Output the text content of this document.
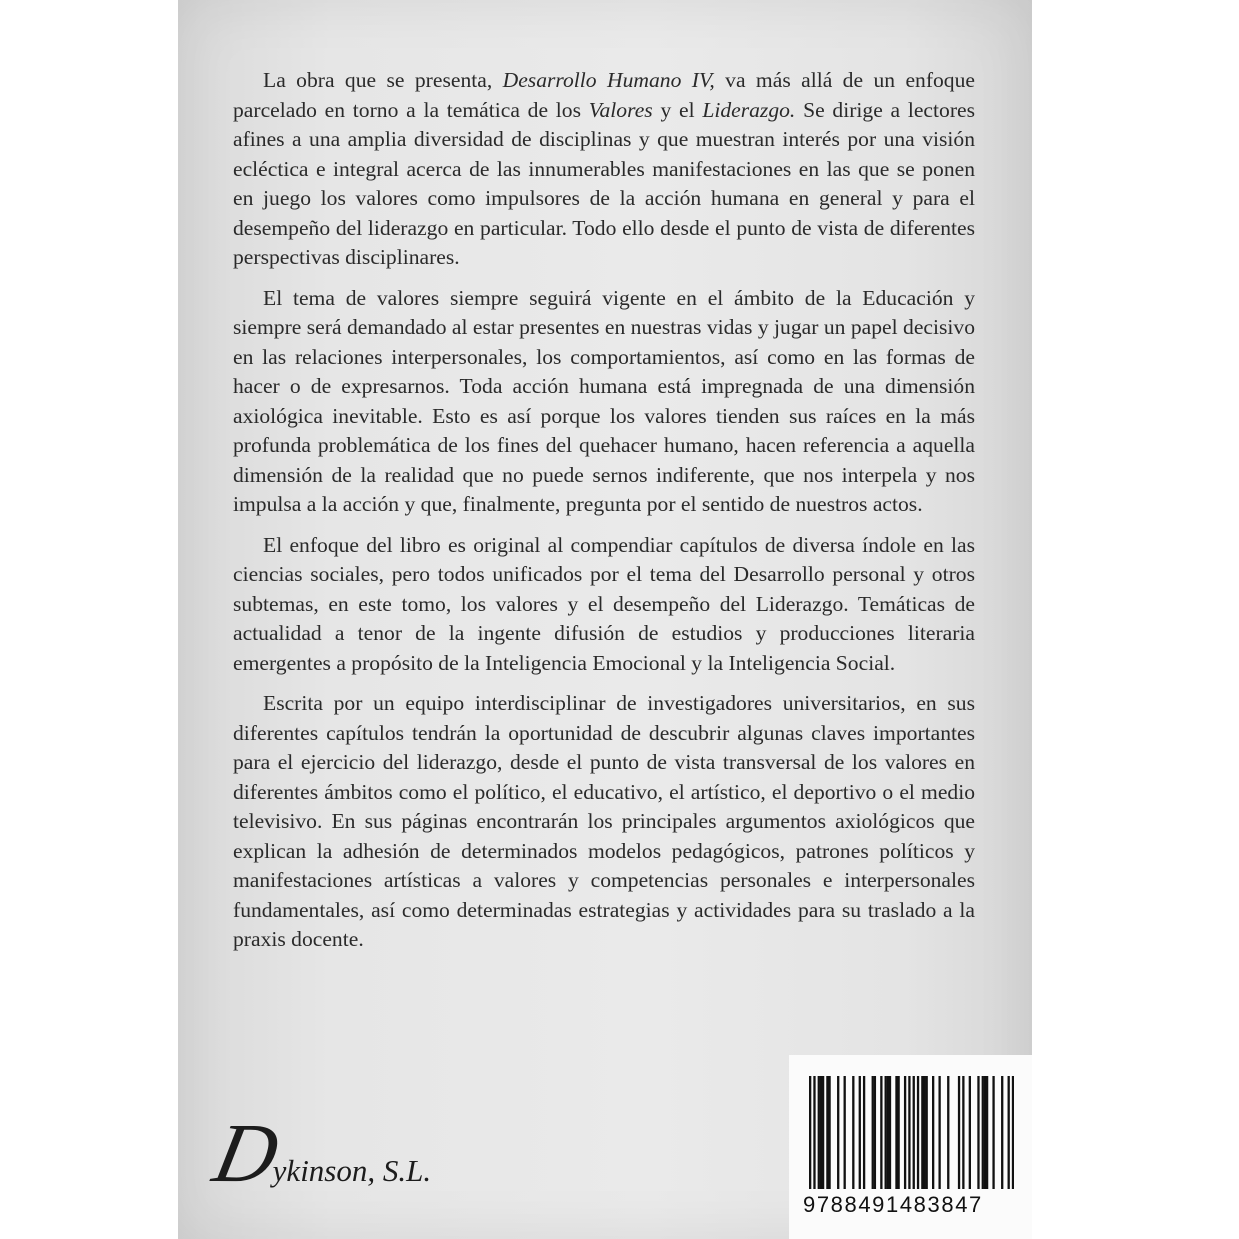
La obra que se presenta, Desarrollo Humano IV, va más allá de un enfoque parcelado en torno a la temática de los Valores y el Liderazgo. Se dirige a lectores afines a una amplia diversidad de disciplinas y que muestran interés por una visión ecléctica e integral acerca de las innumerables manifestaciones en las que se ponen en juego los valores como impulsores de la acción humana en general y para el desempeño del liderazgo en particular. Todo ello desde el punto de vista de diferentes perspectivas disciplinares.

El tema de valores siempre seguirá vigente en el ámbito de la Educación y siempre será demandado al estar presentes en nuestras vidas y jugar un papel decisivo en las relaciones interpersonales, los comportamientos, así como en las formas de hacer o de expresarnos. Toda acción humana está impregnada de una dimensión axiológica inevitable. Esto es así porque los valores tienden sus raíces en la más profunda problemática de los fines del quehacer humano, hacen referencia a aquella dimensión de la realidad que no puede sernos indiferente, que nos interpela y nos impulsa a la acción y que, finalmente, pregunta por el sentido de nuestros actos.

El enfoque del libro es original al compendiar capítulos de diversa índole en las ciencias sociales, pero todos unificados por el tema del Desarrollo personal y otros subtemas, en este tomo, los valores y el desempeño del Liderazgo. Temáticas de actualidad a tenor de la ingente difusión de estudios y producciones literaria emergentes a propósito de la Inteligencia Emocional y la Inteligencia Social.

Escrita por un equipo interdisciplinar de investigadores universitarios, en sus diferentes capítulos tendrán la oportunidad de descubrir algunas claves importantes para el ejercicio del liderazgo, desde el punto de vista transversal de los valores en diferentes ámbitos como el político, el educativo, el artístico, el deportivo o el medio televisivo. En sus páginas encontrarán los principales argumentos axiológicos que explican la adhesión de determinados modelos pedagógicos, patrones políticos y manifestaciones artísticas a valores y competencias personales e interpersonales fundamentales, así como determinadas estrategias y actividades para su traslado a la praxis docente.

D
ykinson, S.L.
9788491483847
